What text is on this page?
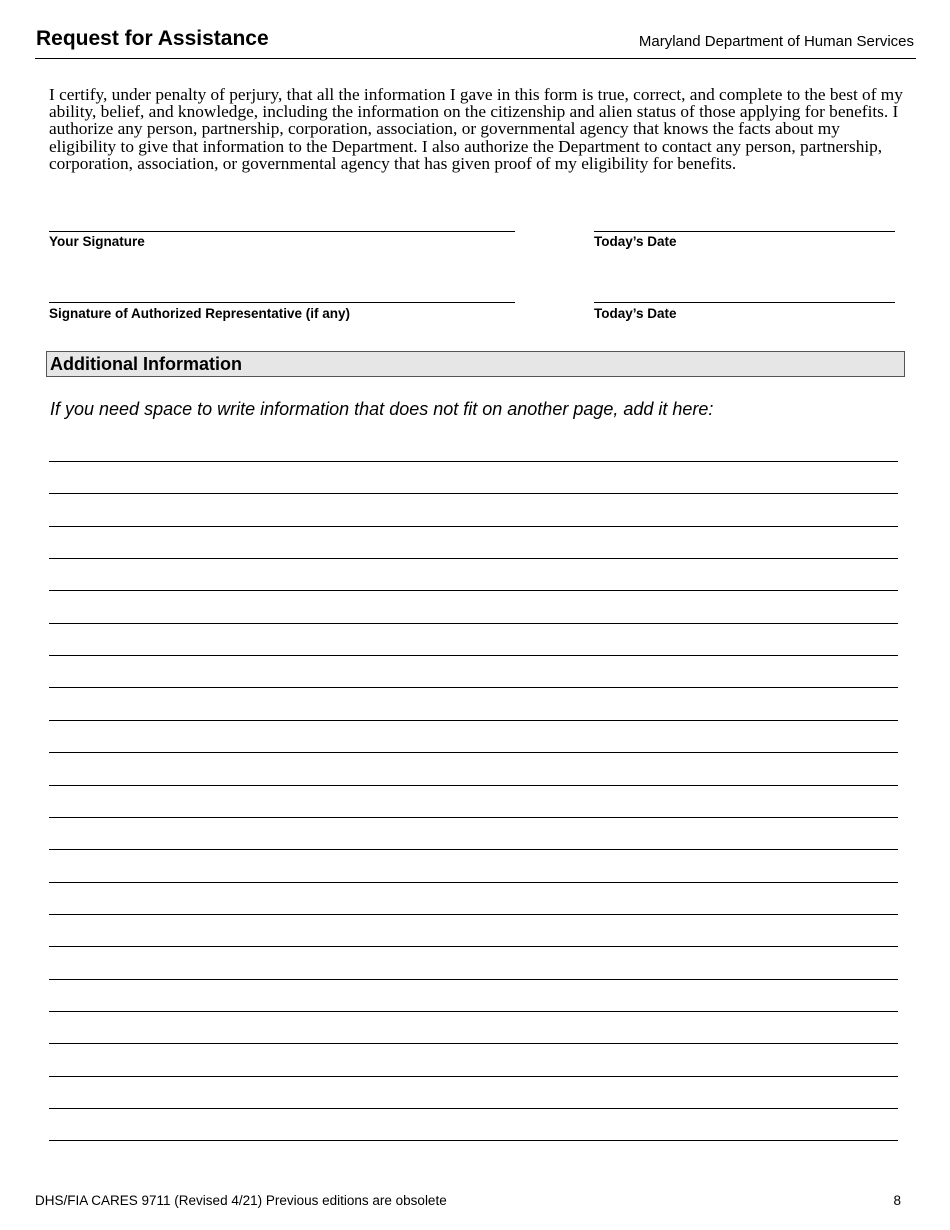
Request for Assistance	Maryland Department of Human Services

I certify, under penalty of perjury, that all the information I gave in this form is true, correct, and complete to the best of my ability, belief, and knowledge, including the information on the citizenship and alien status of those applying for benefits. I authorize any person, partnership, corporation, association, or governmental agency that knows the facts about my eligibility to give that information to the Department. I also authorize the Department to contact any person, partnership, corporation, association, or governmental agency that has given proof of my eligibility for benefits.

Your Signature	Today’s Date
Signature of Authorized Representative (if any)	Today’s Date
Additional Information
If you need space to write information that does not fit on another page, add it here:
DHS/FIA CARES 9711 (Revised 4/21) Previous editions are obsolete	8
